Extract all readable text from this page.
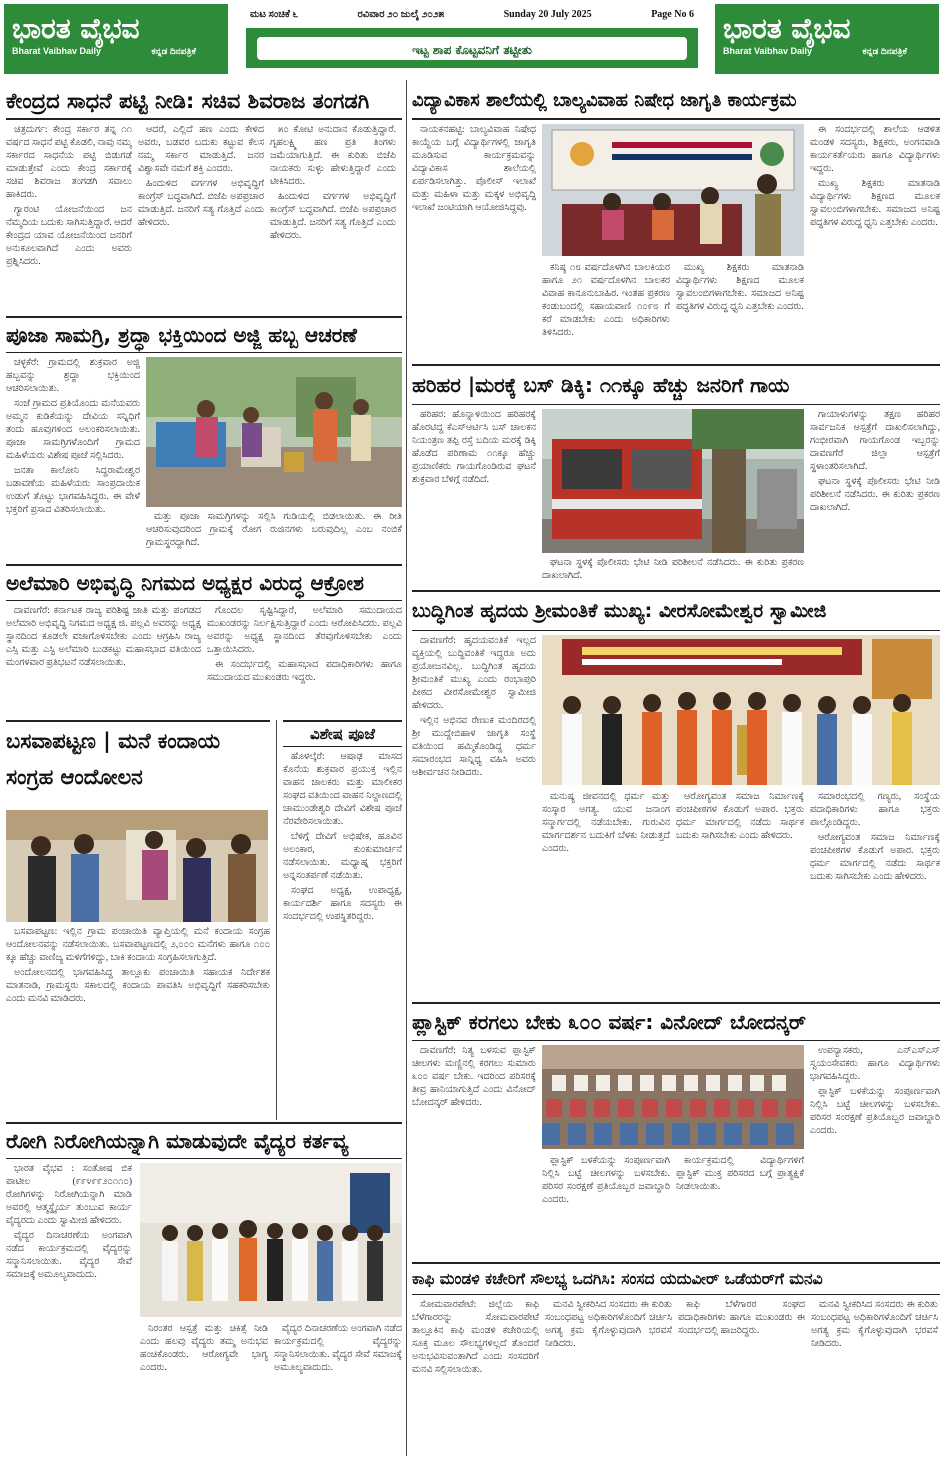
ಭಾರತ ವೈಭವ
Bharat Vaibhav Daily	ಕನ್ನಡ ದಿನಪತ್ರಿಕೆ
ಮಟ ಸಂಚಿಕೆ ೬	ರವಿವಾರ ೨೦ ಜುಲೈ ೨೦೨೫	Sunday 20 July 2025	Page No 6
ಇಟ್ಟ ಶಾಪ ಕೊಟ್ಟವನಿಗೆ ತಟ್ಟೀತು
ಭಾರತ ವೈಭವ
Bharat Vaibhav Daily	ಕನ್ನಡ ದಿನಪತ್ರಿಕೆ
ಕೇಂದ್ರದ ಸಾಧನೆ ಪಟ್ಟಿ ನೀಡಿ: ಸಚಿವ ಶಿವರಾಜ ತಂಗಡಗಿ

ಚಿತ್ರದುರ್ಗ: ಕೇಂದ್ರ ಸರ್ಕಾರ ತನ್ನ ೧೧ ವರ್ಷದ ಸಾಧನೆ ಪಟ್ಟಿ ಕೊಡಲಿ, ನಾವು ನಮ್ಮ ಸರ್ಕಾರದ ಸಾಧನೆಯ ಪಟ್ಟಿ ಬಿಡುಗಡೆ ಮಾಡುತ್ತೇವೆ ಎಂದು ಕೇಂದ್ರ ಸರ್ಕಾರಕ್ಕೆ ಸಚಿವ ಶಿವರಾಜ ತಂಗಡಗಿ ಸವಾಲು ಹಾಕಿದರು.

ಗ್ಯಾರಂಟಿ ಯೋಜನೆಯಿಂದ ಜನ ನೆಮ್ಮದಿಯ ಬದುಕು ಸಾಗಿಸುತ್ತಿದ್ದಾರೆ. ಆದರೆ ಕೇಂದ್ರದ ಯಾವ ಯೋಜನೆಯಿಂದ ಜನರಿಗೆ ಅನುಕೂಲವಾಗಿದೆ ಎಂದು ಅವರು ಪ್ರಶ್ನಿಸಿದರು.

ಆದರೆ, ಎಲ್ಲಿದೆ ಹಣ ಎಂದು ಕೇಳಿದ ಅವರು, ಬಡವರ ಬದುಕು ಕಟ್ಟುವ ಕೆಲಸ ನಮ್ಮ ಸರ್ಕಾರ ಮಾಡುತ್ತಿದೆ. ಜನರ ವಿಶ್ವಾಸವೇ ನಮಗೆ ಶಕ್ತಿ ಎಂದರು.

ಹಿಂದುಳಿದ ವರ್ಗಗಳ ಅಭಿವೃದ್ಧಿಗೆ ಕಾಂಗ್ರೆಸ್ ಬದ್ಧವಾಗಿದೆ. ಬಿಜೆಪಿ ಅಪಪ್ರಚಾರ ಮಾಡುತ್ತಿದೆ. ಜನರಿಗೆ ಸತ್ಯ ಗೊತ್ತಿದೆ ಎಂದು ಹೇಳಿದರು.

೫೦ ಕೋಟಿ ಅನುದಾನ ಕೊಡುತ್ತಿದ್ದಾರೆ. ಗೃಹಲಕ್ಷ್ಮಿ ಹಣ ಪ್ರತಿ ತಿಂಗಳು ಜಮೆಯಾಗುತ್ತಿದೆ. ಈ ಕುರಿತು ಬಿಜೆಪಿ ನಾಯಕರು ಸುಳ್ಳು ಹೇಳುತ್ತಿದ್ದಾರೆ ಎಂದು ಟೀಕಿಸಿದರು.

ಹಿಂದುಳಿದ ವರ್ಗಗಳ ಅಭಿವೃದ್ಧಿಗೆ ಕಾಂಗ್ರೆಸ್ ಬದ್ಧವಾಗಿದೆ. ಬಿಜೆಪಿ ಅಪಪ್ರಚಾರ ಮಾಡುತ್ತಿದೆ. ಜನರಿಗೆ ಸತ್ಯ ಗೊತ್ತಿದೆ ಎಂದು ಹೇಳಿದರು.

ಪೂಜಾ ಸಾಮಗ್ರಿ, ಶ್ರದ್ಧಾ ಭಕ್ತಿಯಿಂದ ಅಜ್ಜಿ ಹಬ್ಬ ಆಚರಣೆ

ಚಳ್ಳಕೆರೆ: ಗ್ರಾಮದಲ್ಲಿ ಶುಕ್ರವಾರ ಅಜ್ಜಿ ಹಬ್ಬವನ್ನು ಶ್ರದ್ಧಾ ಭಕ್ತಿಯಿಂದ ಆಚರಿಸಲಾಯಿತು.

ಸಂಜೆ ಗ್ರಾಮದ ಪ್ರತಿಯೊಂದು ಮನೆಯವರು ಅಮ್ಮನ ಕುಡಿಕೆಯನ್ನು ದೇವಿಯ ಸನ್ನಿಧಿಗೆ ತಂದು ಹೂವುಗಳಿಂದ ಅಲಂಕರಿಸಲಾಯಿತು. ಪೂಜಾ ಸಾಮಗ್ರಿಗಳೊಂದಿಗೆ ಗ್ರಾಮದ ಮಹಿಳೆಯರು ವಿಶೇಷ ಪೂಜೆ ಸಲ್ಲಿಸಿದರು.

ಜನತಾ ಕಾಲೋನಿ ಸಿದ್ದರಾಮೇಶ್ವರ ಬಡಾವಣೆಯ ಮಹಿಳೆಯರು ಸಾಂಪ್ರದಾಯಿಕ ಉಡುಗೆ ತೊಟ್ಟು ಭಾಗವಹಿಸಿದ್ದರು. ಈ ವೇಳೆ ಭಕ್ತರಿಗೆ ಪ್ರಸಾದ ವಿತರಿಸಲಾಯಿತು.

ಮತ್ತು ಪೂಜಾ ಸಾಮಗ್ರಿಗಳನ್ನು ಸಲ್ಲಿಸಿ ಗುಡಿಯಲ್ಲಿ ಬಿಡಲಾಯಿತು. ಈ ರೀತಿ ಆಚರಿಸುವುದರಿಂದ ಗ್ರಾಮಕ್ಕೆ ರೋಗ ರುಜಿನಗಳು ಬರುವುದಿಲ್ಲ ಎಂಬ ನಂಬಿಕೆ ಗ್ರಾಮಸ್ಥರದ್ದಾಗಿದೆ.

ಅಲೆಮಾರಿ ಅಭಿವೃದ್ಧಿ ನಿಗಮದ ಅಧ್ಯಕ್ಷರ ವಿರುದ್ಧ ಆಕ್ರೋಶ

ದಾವಣಗೆರೆ: ಕರ್ನಾಟಕ ರಾಜ್ಯ ಪರಿಶಿಷ್ಟ ಜಾತಿ ಮತ್ತು ಪಂಗಡದ ಅಲೆಮಾರಿ ಅಭಿವೃದ್ಧಿ ನಿಗಮದ ಅಧ್ಯಕ್ಷ ಜಿ. ಪಲ್ಲವಿ ಅವರನ್ನು ಅಧ್ಯಕ್ಷ ಸ್ಥಾನದಿಂದ ಕೂಡಲೇ ವಜಾಗೊಳಿಸಬೇಕು ಎಂದು ಆಗ್ರಹಿಸಿ ರಾಜ್ಯ ಎಸ್ಸಿ ಮತ್ತು ಎಸ್ಟಿ ಅಲೆಮಾರಿ ಬುಡಕಟ್ಟು ಮಹಾಸಭಾದ ವತಿಯಿಂದ ಮಂಗಳವಾರ ಪ್ರತಿಭಟನೆ ನಡೆಸಲಾಯಿತು.

ಗೊಂದಲ ಸೃಷ್ಟಿಸಿದ್ದಾರೆ, ಅಲೆಮಾರಿ ಸಮುದಾಯದ ಮುಖಂಡರನ್ನು ನಿರ್ಲಕ್ಷಿಸುತ್ತಿದ್ದಾರೆ ಎಂದು ಆರೋಪಿಸಿದರು. ಪಲ್ಲವಿ ಅವರನ್ನು ಅಧ್ಯಕ್ಷ ಸ್ಥಾನದಿಂದ ತೆರವುಗೊಳಿಸಬೇಕು ಎಂದು ಒತ್ತಾಯಿಸಿದರು.

ಈ ಸಂದರ್ಭದಲ್ಲಿ ಮಹಾಸಭಾದ ಪದಾಧಿಕಾರಿಗಳು ಹಾಗೂ ಸಮುದಾಯದ ಮುಖಂಡರು ಇದ್ದರು.

ಬಸವಾಪಟ್ಟಣ | ಮನೆ ಕಂದಾಯ
ಸಂಗ್ರಹ ಆಂದೋಲನ

ಬಸವಾಪಟ್ಟಣ: ಇಲ್ಲಿನ ಗ್ರಾಮ ಪಂಚಾಯಿತಿ ವ್ಯಾಪ್ತಿಯಲ್ಲಿ ಮನೆ ಕಂದಾಯ ಸಂಗ್ರಹ ಆಂದೋಲನವನ್ನು ನಡೆಸಲಾಯಿತು. ಬಸವಾಪಟ್ಟಣದಲ್ಲಿ ೨,೦೦೦ ಮನೆಗಳು ಹಾಗೂ ೧೦೦ ಕ್ಕೂ ಹೆಚ್ಚು ವಾಣಿಜ್ಯ ಮಳಿಗೆಗಳಿದ್ದು, ಬಾಕಿ ಕಂದಾಯ ಸಂಗ್ರಹಿಸಲಾಗುತ್ತಿದೆ.

ಅಂದೋಲನದಲ್ಲಿ ಭಾಗವಹಿಸಿದ್ದ ತಾಲ್ಲೂಕು ಪಂಚಾಯಿತಿ ಸಹಾಯಕ ನಿರ್ದೇಶಕ ಮಾತನಾಡಿ, ಗ್ರಾಮಸ್ಥರು ಸಕಾಲದಲ್ಲಿ ಕಂದಾಯ ಪಾವತಿಸಿ ಅಭಿವೃದ್ಧಿಗೆ ಸಹಕರಿಸಬೇಕು ಎಂದು ಮನವಿ ಮಾಡಿದರು.

ವಿಶೇಷ ಪೂಜೆ

ಹೊಳಲ್ಕೆರೆ: ಆಷಾಢ ಮಾಸದ ಕೊನೆಯ ಶುಕ್ರವಾರ ಪ್ರಯುಕ್ತ ಇಲ್ಲಿನ ವಾಹನ ಚಾಲಕರು ಮತ್ತು ಮಾಲೀಕರ ಸಂಘದ ವತಿಯಿಂದ ವಾಹನ ನಿಲ್ದಾಣದಲ್ಲಿ ಚಾಮುಂಡೇಶ್ವರಿ ದೇವಿಗೆ ವಿಶೇಷ ಪೂಜೆ ನೆರವೇರಿಸಲಾಯಿತು.

ಬೆಳಿಗ್ಗೆ ದೇವಿಗೆ ಅಭಿಷೇಕ, ಹೂವಿನ ಅಲಂಕಾರ, ಕುಂಕುಮಾರ್ಚನೆ ನಡೆಸಲಾಯಿತು. ಮಧ್ಯಾಹ್ನ ಭಕ್ತರಿಗೆ ಅನ್ನಸಂತರ್ಪಣೆ ನಡೆಯಿತು.

ಸಂಘದ ಅಧ್ಯಕ್ಷ, ಉಪಾಧ್ಯಕ್ಷ, ಕಾರ್ಯದರ್ಶಿ ಹಾಗೂ ಸದಸ್ಯರು ಈ ಸಂದರ್ಭದಲ್ಲಿ ಉಪಸ್ಥಿತರಿದ್ದರು.

ರೋಗಿ ನಿರೋಗಿಯನ್ನಾಗಿ ಮಾಡುವುದೇ ವೈದ್ಯರ ಕರ್ತವ್ಯ

ಭಾರತ ವೈಭವ : ಸಂತೋಷ ಬಿಕ ಪಾಟೀಲ (೯೯೪೯೯೨೦೧೧೦) ರೋಗಿಗಳನ್ನು ನಿರೋಗಿಯನ್ನಾಗಿ ಮಾಡಿ ಅವರಲ್ಲಿ ಆತ್ಮಸ್ಥೈರ್ಯ ತುಂಬುವ ಕಾರ್ಯ ವೈದ್ಯರದು ಎಂದು ಸ್ವಾಮೀಜಿ ಹೇಳಿದರು.

ವೈದ್ಯರ ದಿನಾಚರಣೆಯ ಅಂಗವಾಗಿ ನಡೆದ ಕಾರ್ಯಕ್ರಮದಲ್ಲಿ ವೈದ್ಯರನ್ನು ಸನ್ಮಾನಿಸಲಾಯಿತು. ವೈದ್ಯರ ಸೇವೆ ಸಮಾಜಕ್ಕೆ ಅಮೂಲ್ಯವಾದುದು.

ನಿರಂತರ ಆಸ್ಪತ್ರೆ ಮತ್ತು ಚಿಕಿತ್ಸೆ ನೀಡಿ ಎಂದು ಹಲವು ವೈದ್ಯರು ತಮ್ಮ ಅನುಭವ ಹಂಚಿಕೊಂಡರು. ಆರೋಗ್ಯವೇ ಭಾಗ್ಯ ಎಂದರು.

ವೈದ್ಯರ ದಿನಾಚರಣೆಯ ಅಂಗವಾಗಿ ನಡೆದ ಕಾರ್ಯಕ್ರಮದಲ್ಲಿ ವೈದ್ಯರನ್ನು ಸನ್ಮಾನಿಸಲಾಯಿತು. ವೈದ್ಯರ ಸೇವೆ ಸಮಾಜಕ್ಕೆ ಅಮೂಲ್ಯವಾದುದು.

ವಿದ್ಯಾವಿಕಾಸ ಶಾಲೆಯಲ್ಲಿ ಬಾಲ್ಯವಿವಾಹ ನಿಷೇಧ ಜಾಗೃತಿ ಕಾರ್ಯಕ್ರಮ

ನಾಯಕನಹಟ್ಟಿ: ಬಾಲ್ಯವಿವಾಹ ನಿಷೇಧ ಕಾಯ್ದೆಯ ಬಗ್ಗೆ ವಿದ್ಯಾರ್ಥಿಗಳಲ್ಲಿ ಜಾಗೃತಿ ಮೂಡಿಸುವ ಕಾರ್ಯಕ್ರಮವನ್ನು ವಿದ್ಯಾವಿಕಾಸ ಶಾಲೆಯಲ್ಲಿ ಏರ್ಪಡಿಸಲಾಗಿತ್ತು. ಪೊಲೀಸ್ ಇಲಾಖೆ ಮತ್ತು ಮಹಿಳಾ ಮತ್ತು ಮಕ್ಕಳ ಅಭಿವೃದ್ಧಿ ಇಲಾಖೆ ಜಂಟಿಯಾಗಿ ಆಯೋಜಿಸಿದ್ದವು.

ಕನಿಷ್ಠ ೧೮ ವರ್ಷದೊಳಗಿನ ಬಾಲಕಿಯರ ಹಾಗೂ ೨೧ ವರ್ಷದೊಳಗಿನ ಬಾಲಕರ ವಿವಾಹ ಕಾನೂನುಬಾಹಿರ. ಇಂತಹ ಪ್ರಕರಣ ಕಂಡುಬಂದಲ್ಲಿ ಸಹಾಯವಾಣಿ ೧೦೯೮ ಗೆ ಕರೆ ಮಾಡಬೇಕು ಎಂದು ಅಧಿಕಾರಿಗಳು ತಿಳಿಸಿದರು.

ಮುಖ್ಯ ಶಿಕ್ಷಕರು ಮಾತನಾಡಿ ವಿದ್ಯಾರ್ಥಿಗಳು ಶಿಕ್ಷಣದ ಮೂಲಕ ಸ್ವಾವಲಂಬಿಗಳಾಗಬೇಕು. ಸಮಾಜದ ಅನಿಷ್ಟ ಪದ್ಧತಿಗಳ ವಿರುದ್ಧ ಧ್ವನಿ ಎತ್ತಬೇಕು ಎಂದರು.

ಈ ಸಂದರ್ಭದಲ್ಲಿ ಶಾಲೆಯ ಆಡಳಿತ ಮಂಡಳಿ ಸದಸ್ಯರು, ಶಿಕ್ಷಕರು, ಅಂಗನವಾಡಿ ಕಾರ್ಯಕರ್ತೆಯರು ಹಾಗೂ ವಿದ್ಯಾರ್ಥಿಗಳು ಇದ್ದರು.

ಮುಖ್ಯ ಶಿಕ್ಷಕರು ಮಾತನಾಡಿ ವಿದ್ಯಾರ್ಥಿಗಳು ಶಿಕ್ಷಣದ ಮೂಲಕ ಸ್ವಾವಲಂಬಿಗಳಾಗಬೇಕು. ಸಮಾಜದ ಅನಿಷ್ಟ ಪದ್ಧತಿಗಳ ವಿರುದ್ಧ ಧ್ವನಿ ಎತ್ತಬೇಕು ಎಂದರು.

ಹರಿಹರ |ಮರಕ್ಕೆ ಬಸ್ ಡಿಕ್ಕಿ: ೧೧ಕ್ಕೂ ಹೆಚ್ಚು ಜನರಿಗೆ ಗಾಯ

ಹರಿಹರ: ಹೊನ್ನಾಳಿಯಿಂದ ಹರಿಹರಕ್ಕೆ ಹೊರಟಿದ್ದ ಕೆಎಸ್ಆರ್ಟಿಸಿ ಬಸ್ ಚಾಲಕನ ನಿಯಂತ್ರಣ ತಪ್ಪಿ ರಸ್ತೆ ಬದಿಯ ಮರಕ್ಕೆ ಡಿಕ್ಕಿ ಹೊಡೆದ ಪರಿಣಾಮ ೧೧ಕ್ಕೂ ಹೆಚ್ಚು ಪ್ರಯಾಣಿಕರು ಗಾಯಗೊಂಡಿರುವ ಘಟನೆ ಶುಕ್ರವಾರ ಬೆಳಿಗ್ಗೆ ನಡೆದಿದೆ.

ಘಟನಾ ಸ್ಥಳಕ್ಕೆ ಪೊಲೀಸರು ಭೇಟಿ ನೀಡಿ ಪರಿಶೀಲನೆ ನಡೆಸಿದರು. ಈ ಕುರಿತು ಪ್ರಕರಣ ದಾಖಲಾಗಿದೆ.

ಗಾಯಾಳುಗಳನ್ನು ತಕ್ಷಣ ಹರಿಹರ ಸಾರ್ವಜನಿಕ ಆಸ್ಪತ್ರೆಗೆ ದಾಖಲಿಸಲಾಗಿದ್ದು, ಗಂಭೀರವಾಗಿ ಗಾಯಗೊಂಡ ಇಬ್ಬರನ್ನು ದಾವಣಗೆರೆ ಜಿಲ್ಲಾ ಆಸ್ಪತ್ರೆಗೆ ಸ್ಥಳಾಂತರಿಸಲಾಗಿದೆ.

ಘಟನಾ ಸ್ಥಳಕ್ಕೆ ಪೊಲೀಸರು ಭೇಟಿ ನೀಡಿ ಪರಿಶೀಲನೆ ನಡೆಸಿದರು. ಈ ಕುರಿತು ಪ್ರಕರಣ ದಾಖಲಾಗಿದೆ.

ಬುದ್ಧಿಗಿಂತ ಹೃದಯ ಶ್ರೀಮಂತಿಕೆ ಮುಖ್ಯ: ವೀರಸೋಮೇಶ್ವರ ಸ್ವಾಮೀಜಿ

ದಾವಣಗೆರೆ: ಹೃದಯವಂತಿಕೆ ಇಲ್ಲದ ವ್ಯಕ್ತಿಯಲ್ಲಿ ಬುದ್ಧಿವಂತಿಕೆ ಇದ್ದರೂ ಅದು ಪ್ರಯೋಜನವಿಲ್ಲ. ಬುದ್ಧಿಗಿಂತ ಹೃದಯ ಶ್ರೀಮಂತಿಕೆ ಮುಖ್ಯ ಎಂದು ರಂಭಾಪುರಿ ಪೀಠದ ವೀರಸೋಮೇಶ್ವರ ಸ್ವಾಮೀಜಿ ಹೇಳಿದರು.

ಇಲ್ಲಿನ ಅಭಿನವ ರೇಣುಕ ಮಂದಿರದಲ್ಲಿ ಶ್ರೀ ಮುದ್ದೇಬಿಹಾಳ ಜಾಗೃತಿ ಸಂಸ್ಥೆ ವತಿಯಿಂದ ಹಮ್ಮಿಕೊಂಡಿದ್ದ ಧರ್ಮ ಸಮಾರಂಭದ ಸಾನ್ನಿಧ್ಯ ವಹಿಸಿ ಅವರು ಆಶೀರ್ವಚನ ನೀಡಿದರು.

ಮನುಷ್ಯ ಜೀವನದಲ್ಲಿ ಧರ್ಮ ಮತ್ತು ಸಂಸ್ಕಾರ ಅಗತ್ಯ. ಯುವ ಜನಾಂಗ ಸನ್ಮಾರ್ಗದಲ್ಲಿ ನಡೆಯಬೇಕು. ಗುರುವಿನ ಮಾರ್ಗದರ್ಶನ ಬದುಕಿಗೆ ಬೆಳಕು ನೀಡುತ್ತದೆ ಎಂದರು.

ಆರೋಗ್ಯವಂತ ಸಮಾಜ ನಿರ್ಮಾಣಕ್ಕೆ ಪಂಚಪೀಠಗಳ ಕೊಡುಗೆ ಅಪಾರ. ಭಕ್ತರು ಧರ್ಮ ಮಾರ್ಗದಲ್ಲಿ ನಡೆದು ಸಾರ್ಥಕ ಬದುಕು ಸಾಗಿಸಬೇಕು ಎಂದು ಹೇಳಿದರು.

ಸಮಾರಂಭದಲ್ಲಿ ಗಣ್ಯರು, ಸಂಸ್ಥೆಯ ಪದಾಧಿಕಾರಿಗಳು ಹಾಗೂ ಭಕ್ತರು ಪಾಲ್ಗೊಂಡಿದ್ದರು.

ಆರೋಗ್ಯವಂತ ಸಮಾಜ ನಿರ್ಮಾಣಕ್ಕೆ ಪಂಚಪೀಠಗಳ ಕೊಡುಗೆ ಅಪಾರ. ಭಕ್ತರು ಧರ್ಮ ಮಾರ್ಗದಲ್ಲಿ ನಡೆದು ಸಾರ್ಥಕ ಬದುಕು ಸಾಗಿಸಬೇಕು ಎಂದು ಹೇಳಿದರು.

ಪ್ಲಾಸ್ಟಿಕ್ ಕರಗಲು ಬೇಕು ೩೦೦ ವರ್ಷ: ವಿನೋದ್ ಬೋದನ್ಕರ್

ದಾವಣಗೆರೆ: ನಿತ್ಯ ಬಳಸುವ ಪ್ಲಾಸ್ಟಿಕ್ ಚೀಲಗಳು ಮಣ್ಣಿನಲ್ಲಿ ಕರಗಲು ಸುಮಾರು ೩೦೦ ವರ್ಷ ಬೇಕು. ಇದರಿಂದ ಪರಿಸರಕ್ಕೆ ತೀವ್ರ ಹಾನಿಯಾಗುತ್ತಿದೆ ಎಂದು ವಿನೋದ್ ಬೋದನ್ಕರ್ ಹೇಳಿದರು.

ಪ್ಲಾಸ್ಟಿಕ್ ಬಳಕೆಯನ್ನು ಸಂಪೂರ್ಣವಾಗಿ ನಿಲ್ಲಿಸಿ ಬಟ್ಟೆ ಚೀಲಗಳನ್ನು ಬಳಸಬೇಕು. ಪರಿಸರ ಸಂರಕ್ಷಣೆ ಪ್ರತಿಯೊಬ್ಬರ ಜವಾಬ್ದಾರಿ ಎಂದರು.

ಕಾರ್ಯಕ್ರಮದಲ್ಲಿ ವಿದ್ಯಾರ್ಥಿಗಳಿಗೆ ಪ್ಲಾಸ್ಟಿಕ್ ಮುಕ್ತ ಪರಿಸರದ ಬಗ್ಗೆ ಪ್ರಾತ್ಯಕ್ಷಿಕೆ ನೀಡಲಾಯಿತು.

ಉಪನ್ಯಾಸಕರು, ಎನ್ಎಸ್ಎಸ್ ಸ್ವಯಂಸೇವಕರು ಹಾಗೂ ವಿದ್ಯಾರ್ಥಿಗಳು ಭಾಗವಹಿಸಿದ್ದರು.

ಪ್ಲಾಸ್ಟಿಕ್ ಬಳಕೆಯನ್ನು ಸಂಪೂರ್ಣವಾಗಿ ನಿಲ್ಲಿಸಿ ಬಟ್ಟೆ ಚೀಲಗಳನ್ನು ಬಳಸಬೇಕು. ಪರಿಸರ ಸಂರಕ್ಷಣೆ ಪ್ರತಿಯೊಬ್ಬರ ಜವಾಬ್ದಾರಿ ಎಂದರು.

ಕಾಫಿ ಮಂಡಳಿ ಕಚೇರಿಗೆ ಸೌಲಭ್ಯ ಒದಗಿಸಿ: ಸಂಸದ ಯದುವೀರ್ ಒಡೆಯರ್‌ಗೆ ಮನವಿ

ಸೋಮವಾರಪೇಟೆ: ಜಿಲ್ಲೆಯ ಕಾಫಿ ಬೆಳೆಗಾರರನ್ನು ಸೋಮವಾರಪೇಟೆ ತಾಲ್ಲೂಕಿನ ಕಾಫಿ ಮಂಡಳಿ ಕಚೇರಿಯಲ್ಲಿ ಸೂಕ್ತ ಮೂಲ ಸೌಲಭ್ಯಗಳಿಲ್ಲದೆ ತೊಂದರೆ ಅನುಭವಿಸುವಂತಾಗಿದೆ ಎಂದು ಸಂಸದರಿಗೆ ಮನವಿ ಸಲ್ಲಿಸಲಾಯಿತು.

ಮನವಿ ಸ್ವೀಕರಿಸಿದ ಸಂಸದರು ಈ ಕುರಿತು ಸಂಬಂಧಪಟ್ಟ ಅಧಿಕಾರಿಗಳೊಂದಿಗೆ ಚರ್ಚಿಸಿ ಅಗತ್ಯ ಕ್ರಮ ಕೈಗೊಳ್ಳುವುದಾಗಿ ಭರವಸೆ ನೀಡಿದರು.

ಕಾಫಿ ಬೆಳೆಗಾರರ ಸಂಘದ ಪದಾಧಿಕಾರಿಗಳು ಹಾಗೂ ಮುಖಂಡರು ಈ ಸಂದರ್ಭದಲ್ಲಿ ಹಾಜರಿದ್ದರು.

ಮನವಿ ಸ್ವೀಕರಿಸಿದ ಸಂಸದರು ಈ ಕುರಿತು ಸಂಬಂಧಪಟ್ಟ ಅಧಿಕಾರಿಗಳೊಂದಿಗೆ ಚರ್ಚಿಸಿ ಅಗತ್ಯ ಕ್ರಮ ಕೈಗೊಳ್ಳುವುದಾಗಿ ಭರವಸೆ ನೀಡಿದರು.
